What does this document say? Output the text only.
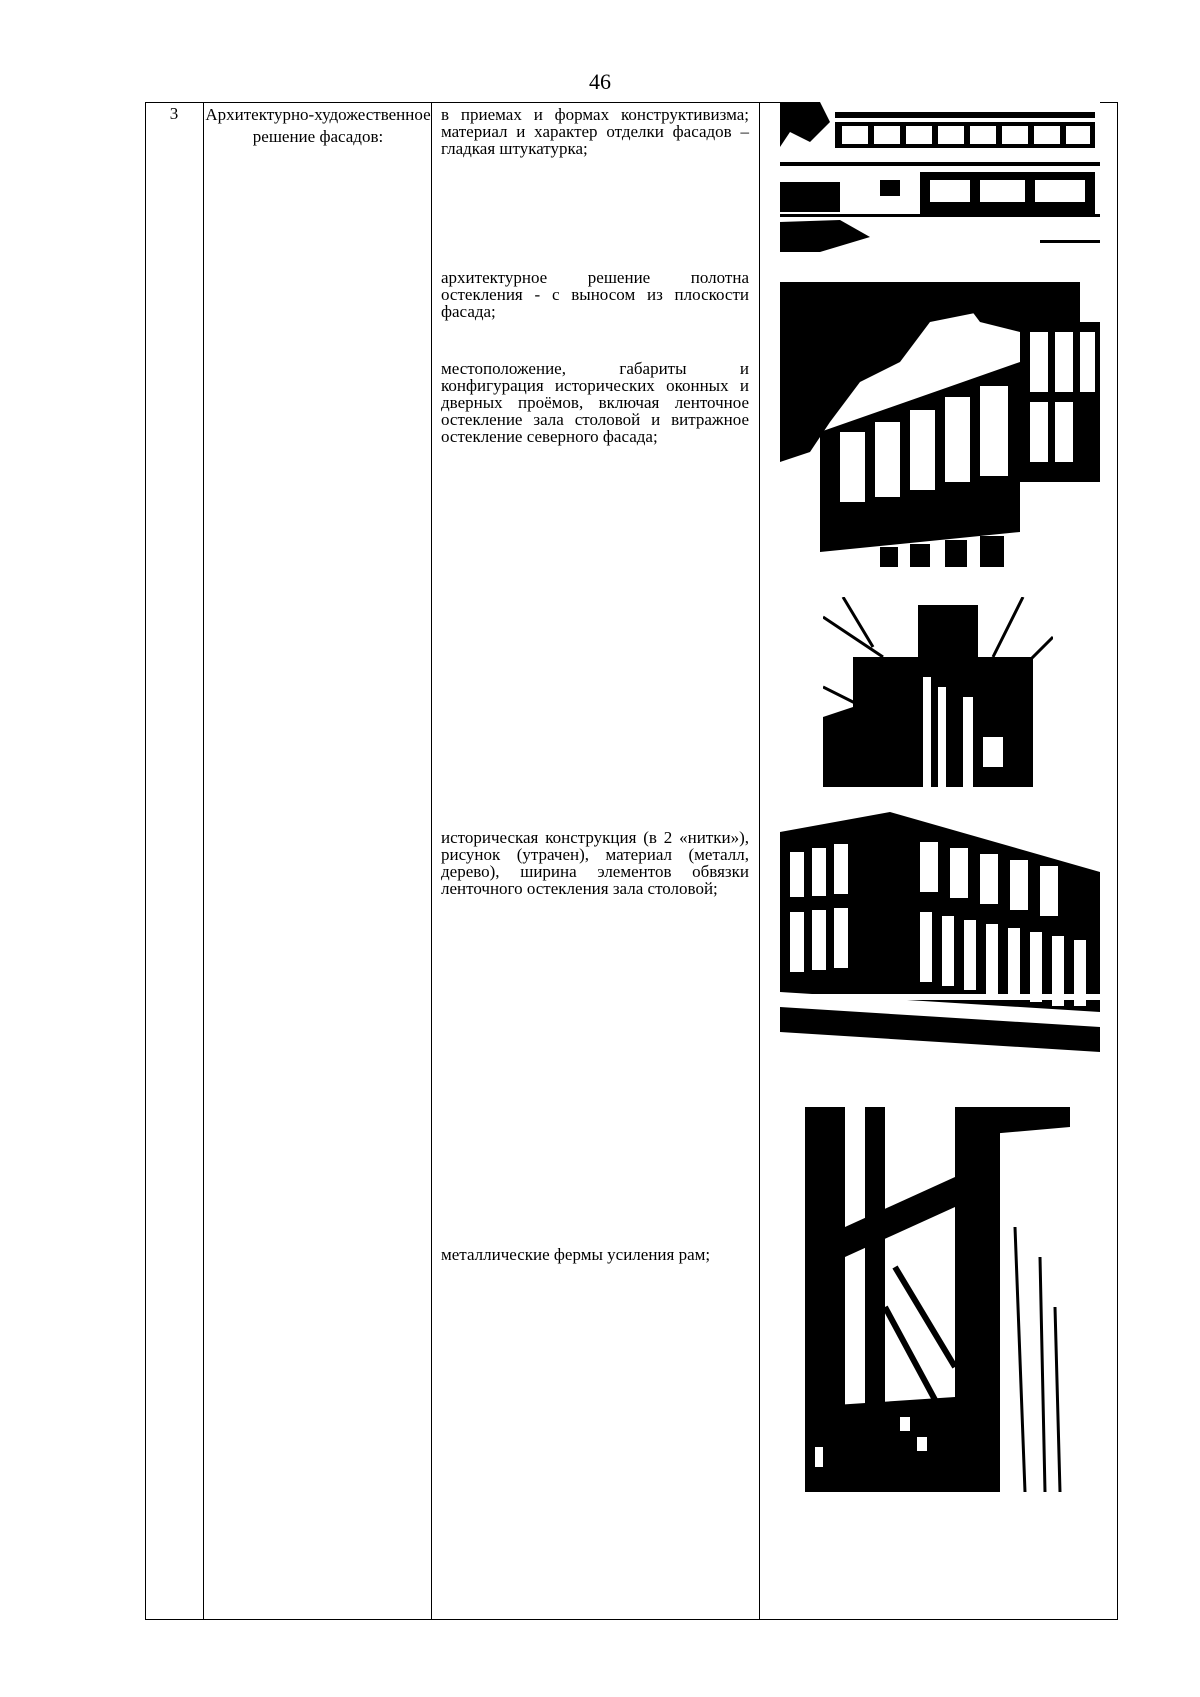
46
3	Архитектурно-художественное решение фасадов:
в приемах и формах конструктивизма; материал и характер отделки фасадов – гладкая штукатурка;
архитектурное решение полотна остекления - с выносом из плоскости фасада;
местоположение, габариты и конфигурация исторических оконных и дверных проёмов, включая ленточное остекление зала столовой и витражное остекление северного фасада;
историческая конструкция (в 2 «нитки»), рисунок (утрачен), материал (металл, дерево), ширина элементов обвязки ленточного остекления зала столовой;
металлические фермы усиления рам;
